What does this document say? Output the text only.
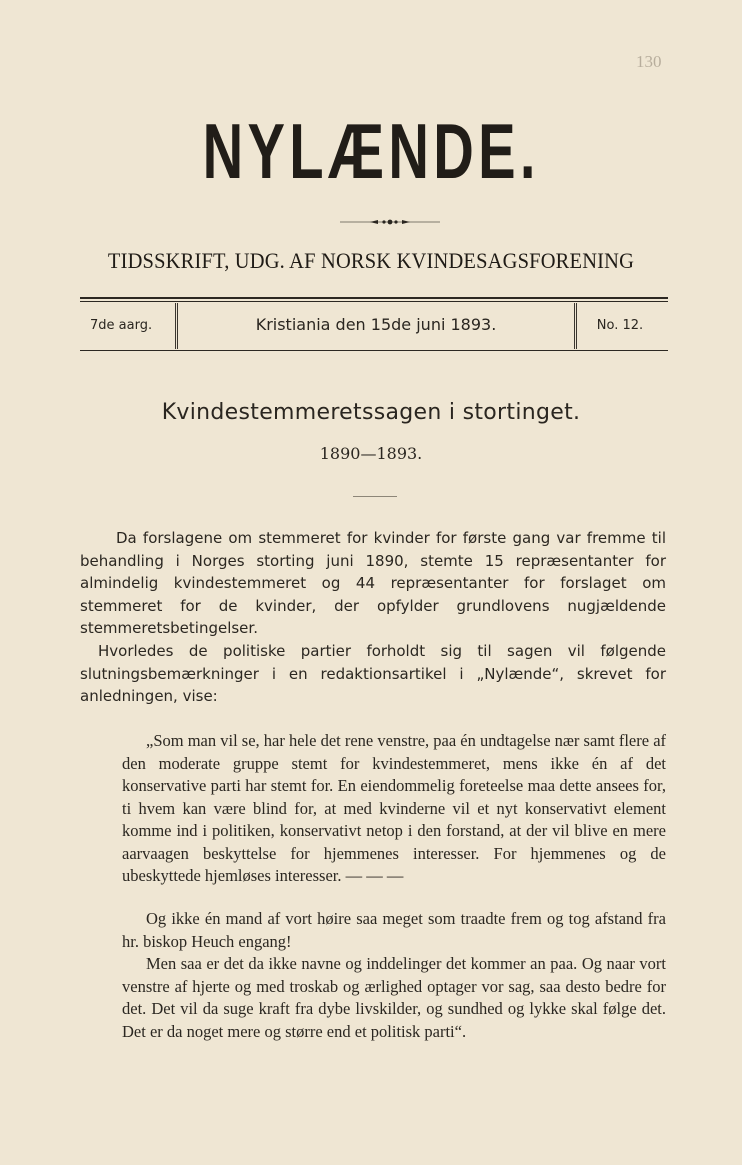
130
NYLÆNDE.
TIDSSKRIFT, UDG. AF NORSK KVINDESAGSFORENING
7de aarg.	Kristiania den 15de juni 1893.	No. 12.
Kvindestemmeretssagen i stortinget.
1890—1893.

Da forslagene om stemmeret for kvinder for første gang var fremme til behandling i Norges storting juni 1890, stemte 15 repræsentanter for almindelig kvindestemmeret og 44 repræsentanter for forslaget om stemmeret for de kvinder, der opfylder grundlovens nugjældende stemmeretsbetingelser.

Hvorledes de politiske partier forholdt sig til sagen vil følgende slutningsbemærkninger i en redaktionsartikel i „Nylænde“, skrevet for anledningen, vise:

„Som man vil se, har hele det rene venstre, paa én undtagelse nær samt flere af den moderate gruppe stemt for kvindestemmeret, mens ikke én af det konservative parti har stemt for. En eiendommelig foreteelse maa dette ansees for, ti hvem kan være blind for, at med kvinderne vil et nyt konservativt element komme ind i politiken, konservativt netop i den forstand, at der vil blive en mere aarvaagen beskyttelse for hjemmenes interesser. For hjemmenes og de ubeskyttede hjemløses interesser. — — —

Og ikke én mand af vort høire saa meget som traadte frem og tog afstand fra hr. biskop Heuch engang!

Men saa er det da ikke navne og inddelinger det kommer an paa. Og naar vort venstre af hjerte og med troskab og ærlighed optager vor sag, saa desto bedre for det. Det vil da suge kraft fra dybe livskilder, og sundhed og lykke skal følge det. Det er da noget mere og større end et politisk parti“.
